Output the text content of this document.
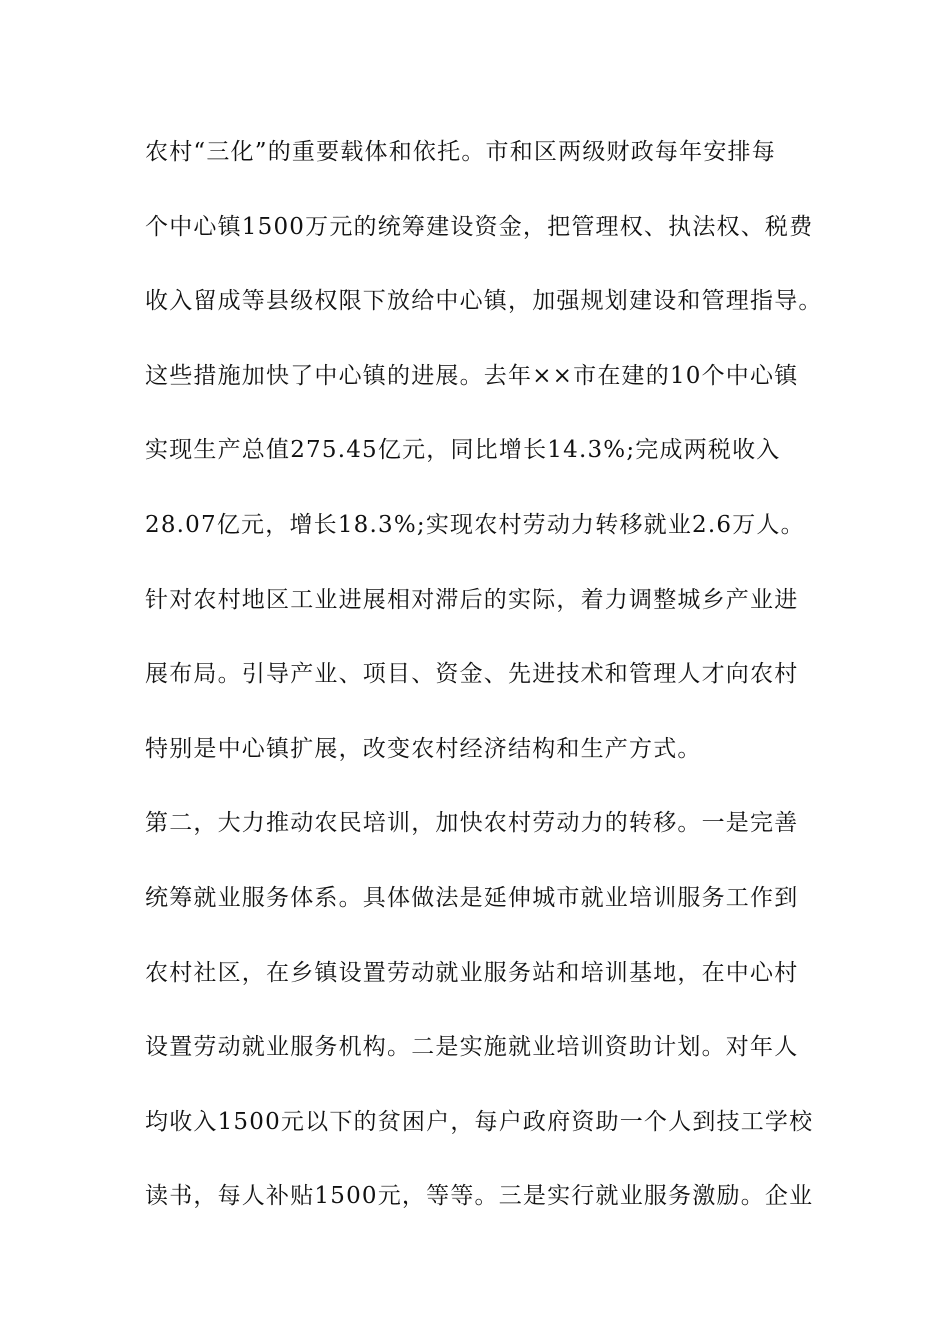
农村“三化”的重要载体和依托。市和区两级财政每年安排每
个中心镇1500万元的统筹建设资金，把管理权、执法权、税费
收入留成等县级权限下放给中心镇，加强规划建设和管理指导。
这些措施加快了中心镇的进展。去年××市在建的10个中心镇
实现生产总值275.45亿元，同比增长14.3%;完成两税收入
28.07亿元，增长18.3%;实现农村劳动力转移就业2.6万人。
针对农村地区工业进展相对滞后的实际，着力调整城乡产业进
展布局。引导产业、项目、资金、先进技术和管理人才向农村
特别是中心镇扩展，改变农村经济结构和生产方式。
第二，大力推动农民培训，加快农村劳动力的转移。一是完善
统筹就业服务体系。具体做法是延伸城市就业培训服务工作到
农村社区，在乡镇设置劳动就业服务站和培训基地，在中心村
设置劳动就业服务机构。二是实施就业培训资助计划。对年人
均收入1500元以下的贫困户，每户政府资助一个人到技工学校
读书，每人补贴1500元，等等。三是实行就业服务激励。企业
